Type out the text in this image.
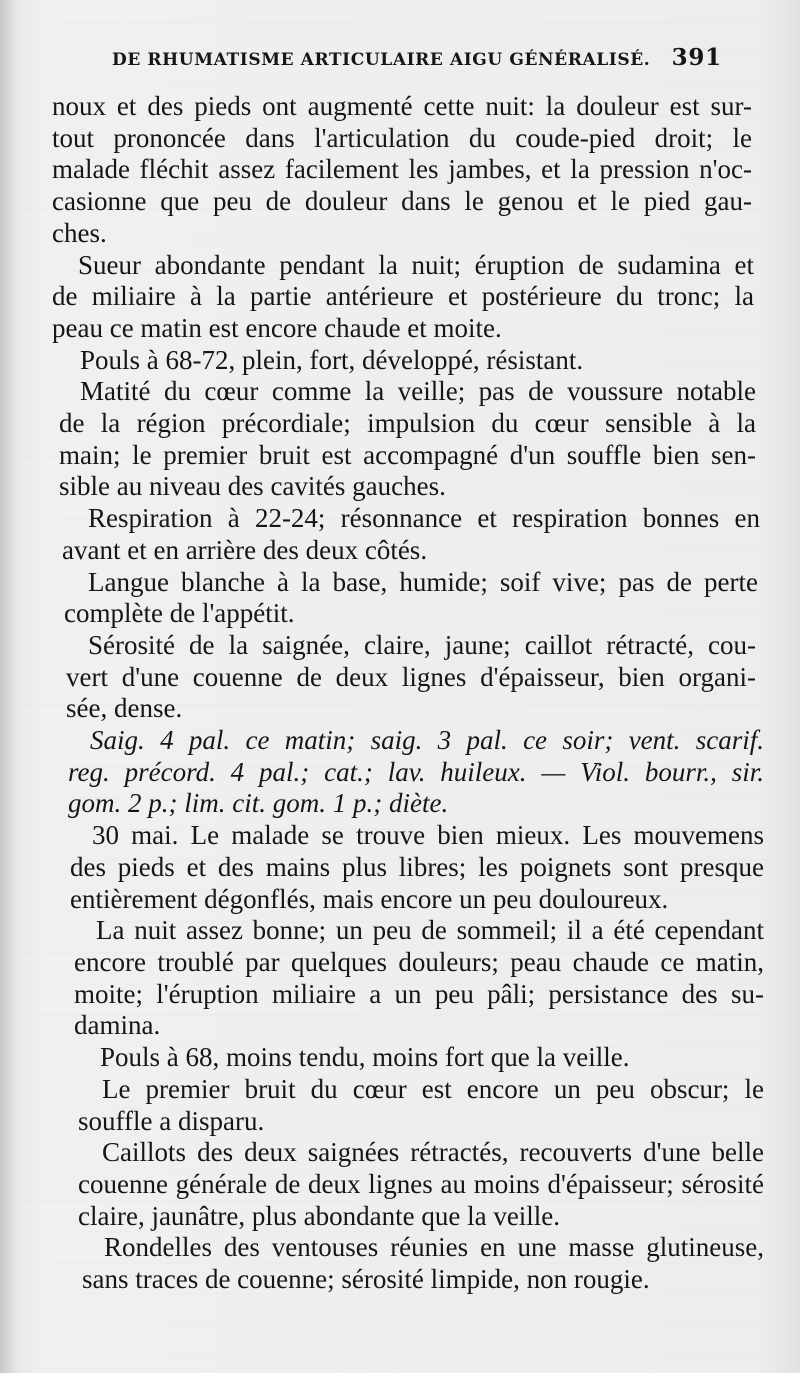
DE RHUMATISME ARTICULAIRE AIGU GÉNÉRALISÉ. 391
noux et des pieds ont augmenté cette nuit: la douleur est sur-
tout prononcée dans l'articulation du coude-pied droit; le
malade fléchit assez facilement les jambes, et la pression n'oc-
casionne que peu de douleur dans le genou et le pied gau-
ches.
Sueur abondante pendant la nuit; éruption de sudamina et
de miliaire à la partie antérieure et postérieure du tronc; la
peau ce matin est encore chaude et moite.
Pouls à 68-72, plein, fort, développé, résistant.
Matité du cœur comme la veille; pas de voussure notable
de la région précordiale; impulsion du cœur sensible à la
main; le premier bruit est accompagné d'un souffle bien sen-
sible au niveau des cavités gauches.
Respiration à 22-24; résonnance et respiration bonnes en
avant et en arrière des deux côtés.
Langue blanche à la base, humide; soif vive; pas de perte
complète de l'appétit.
Sérosité de la saignée, claire, jaune; caillot rétracté, cou-
vert d'une couenne de deux lignes d'épaisseur, bien organi-
sée, dense.
Saig. 4 pal. ce matin; saig. 3 pal. ce soir; vent. scarif.
reg. précord. 4 pal.; cat.; lav. huileux. — Viol. bourr., sir.
gom. 2 p.; lim. cit. gom. 1 p.; diète.
30 mai. Le malade se trouve bien mieux. Les mouvemens
des pieds et des mains plus libres; les poignets sont presque
entièrement dégonflés, mais encore un peu douloureux.
La nuit assez bonne; un peu de sommeil; il a été cependant
encore troublé par quelques douleurs; peau chaude ce matin,
moite; l'éruption miliaire a un peu pâli; persistance des su-
damina.
Pouls à 68, moins tendu, moins fort que la veille.
Le premier bruit du cœur est encore un peu obscur; le
souffle a disparu.
Caillots des deux saignées rétractés, recouverts d'une belle
couenne générale de deux lignes au moins d'épaisseur; sérosité
claire, jaunâtre, plus abondante que la veille.
Rondelles des ventouses réunies en une masse glutineuse,
sans traces de couenne; sérosité limpide, non rougie.
